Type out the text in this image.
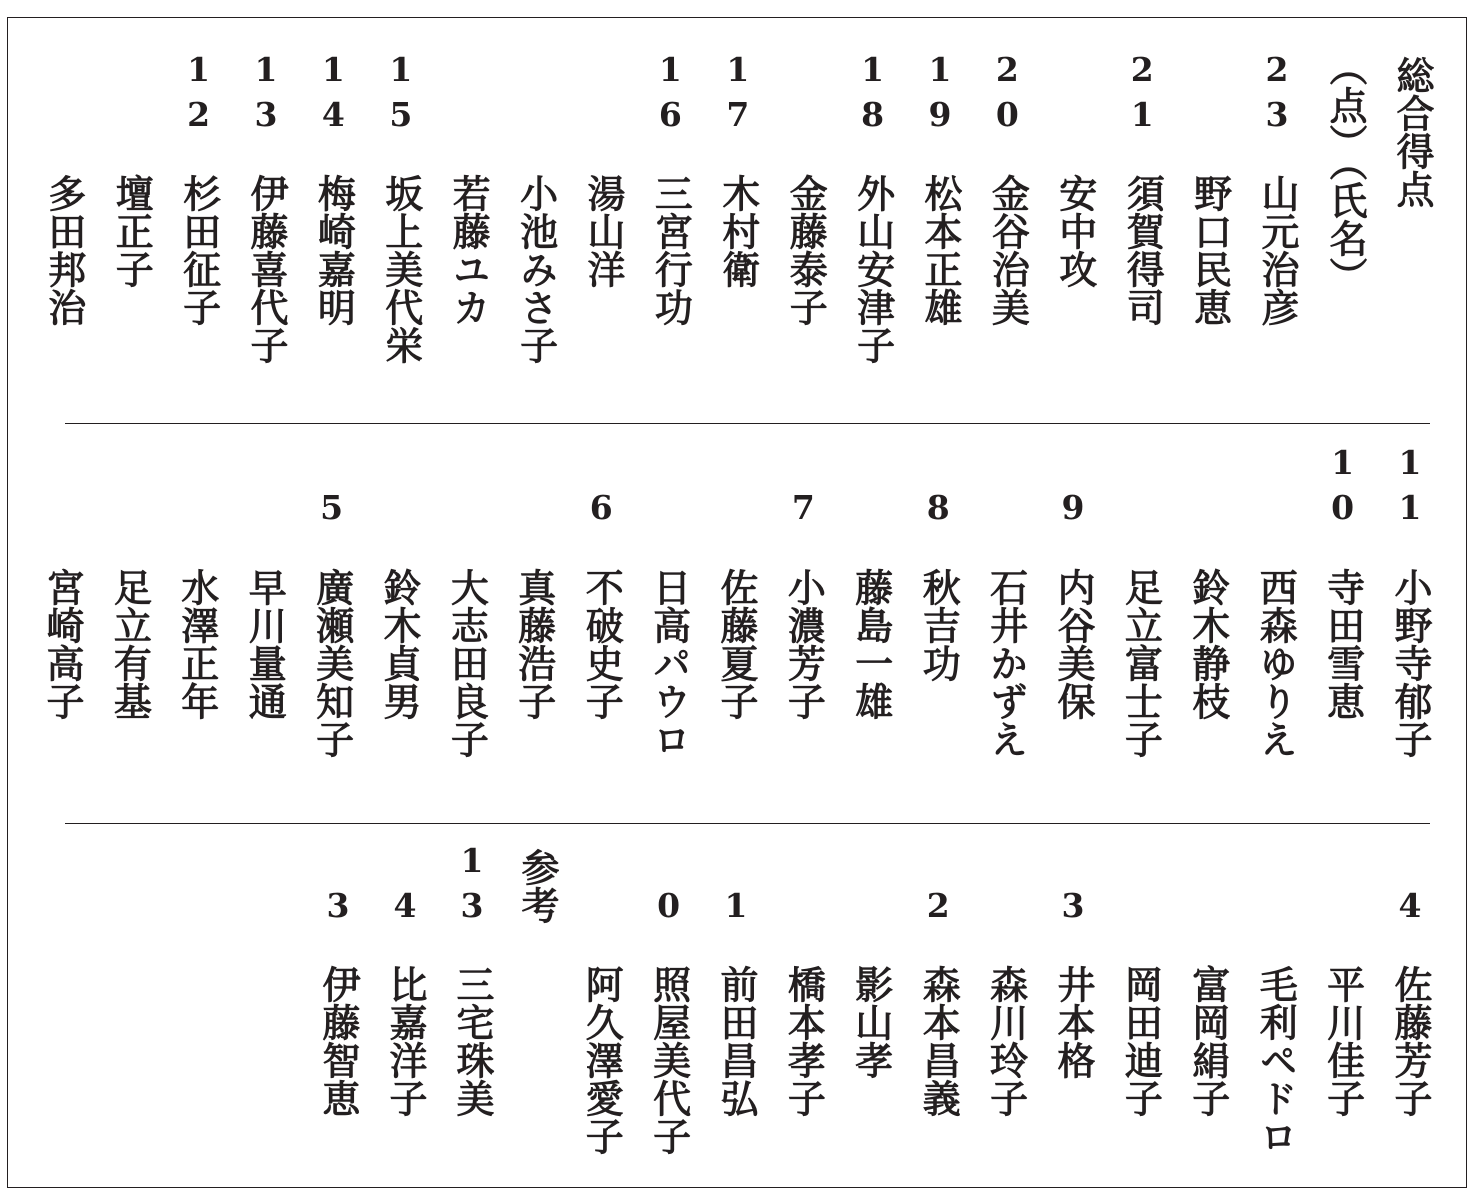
総合得点
（点）（氏名）
参考
2
3
山元治彦
野口民恵
2
1
須賀得司
安中攻
2
0
金谷治美
1
9
松本正雄
1
8
外山安津子
金藤泰子
1
7
木村衛
1
6
三宮行功
湯山洋
小池みさ子
若藤ユカ
1
5
坂上美代栄
1
4
梅崎嘉明
1
3
伊藤喜代子
1
2
杉田征子
壇正子
多田邦治
1
1
小野寺郁子
1
0
寺田雪恵
西森ゆりえ
鈴木静枝
足立富士子
9
内谷美保
石井かずえ
8
秋吉功
藤島一雄
7
小濃芳子
佐藤夏子
日高パウロ
6
不破史子
真藤浩子
大志田良子
鈴木貞男
5
廣瀬美知子
早川量通
水澤正年
足立有基
宮崎高子
4
佐藤芳子
平川佳子
毛利ペドロ
富岡絹子
岡田迪子
3
井本格
森川玲子
2
森本昌義
影山孝
橋本孝子
1
前田昌弘
0
照屋美代子
阿久澤愛子
1
3
三宅珠美
4
比嘉洋子
3
伊藤智恵
